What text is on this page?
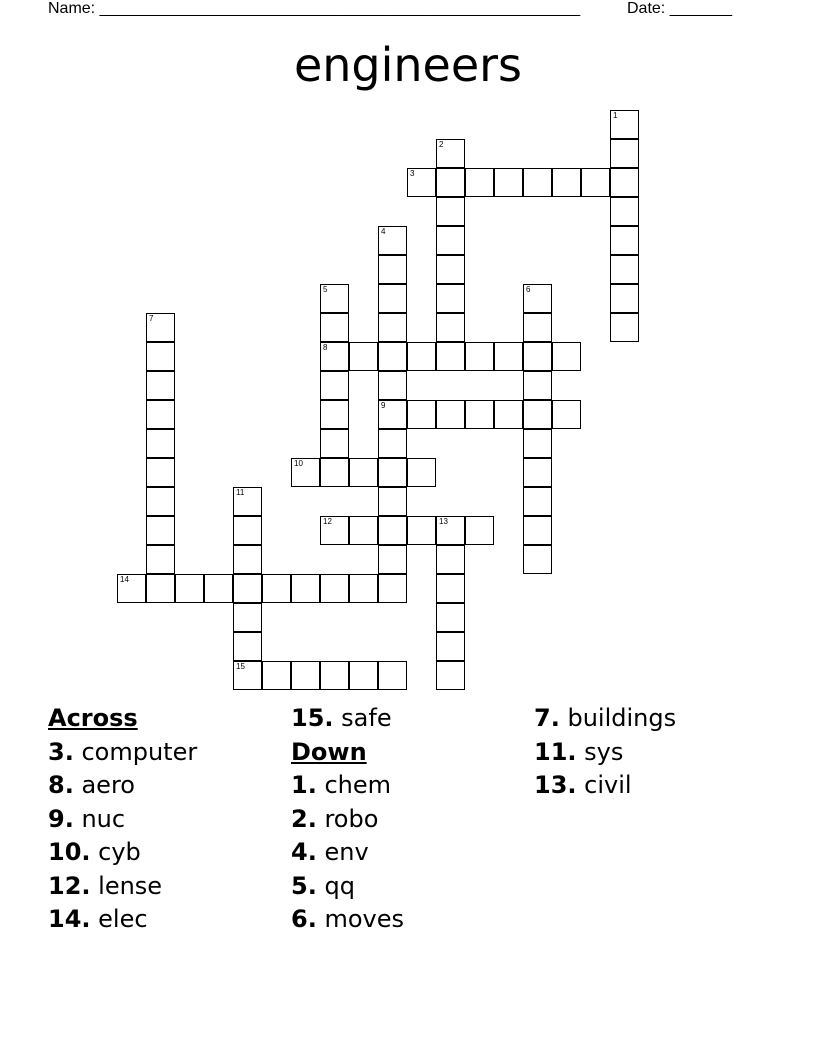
Name: ______________________________________________________	Date: _______
engineers
1
2
3
4
9
5
8
6
7
10
11
15
12	13
14
Across
3. computer
8. aero
9. nuc
10. cyb
12. lense
14. elec
15. safe
Down
1. chem
2. robo
4. env
5. qq
6. moves
7. buildings
11. sys
13. civil
